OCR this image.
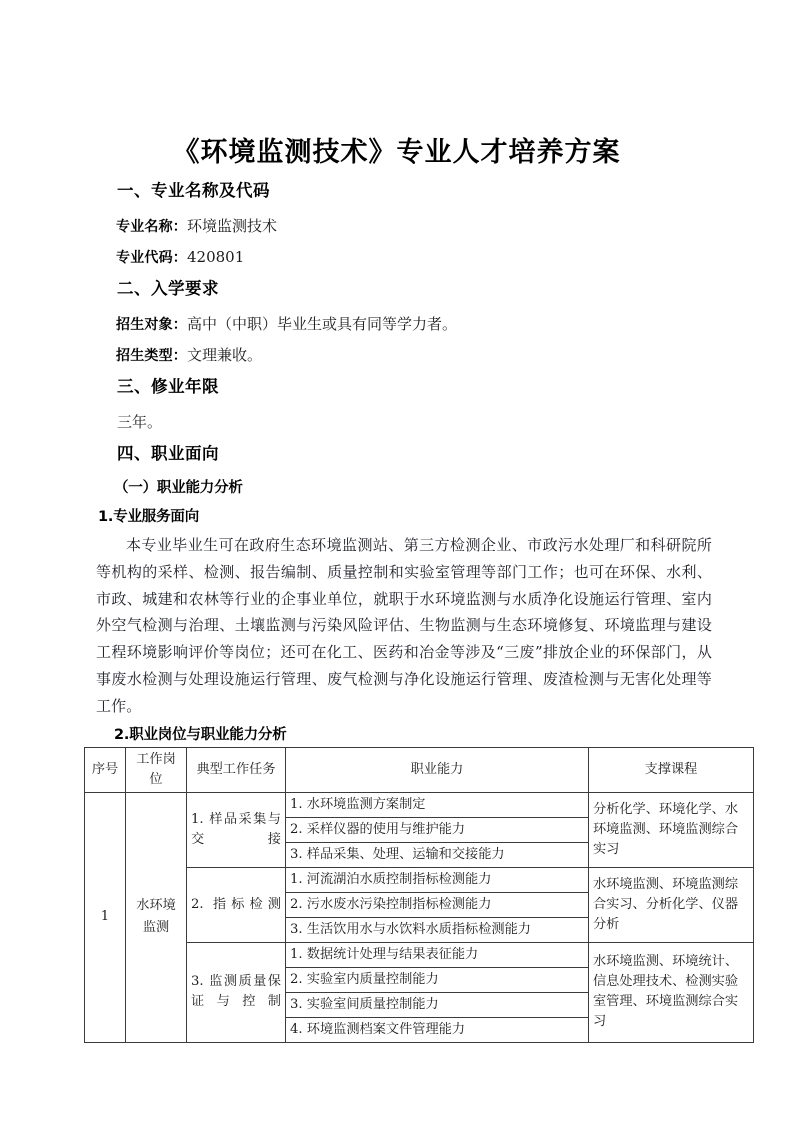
《环境监测技术》专业人才培养方案
一、专业名称及代码
专业名称：环境监测技术
专业代码：420801
二、入学要求
招生对象：高中（中职）毕业生或具有同等学力者。
招生类型：文理兼收。
三、修业年限
三年。
四、职业面向
（一）职业能力分析
1.专业服务面向

本专业毕业生可在政府生态环境监测站、第三方检测企业、市政污水处理厂和科研院所等机构的采样、检测、报告编制、质量控制和实验室管理等部门工作；也可在环保、水利、市政、城建和农林等行业的企事业单位，就职于水环境监测与水质净化设施运行管理、室内外空气检测与治理、土壤监测与污染风险评估、生物监测与生态环境修复、环境监理与建设工程环境影响评价等岗位；还可在化工、医药和冶金等涉及“三废”排放企业的环保部门，从事废水检测与处理设施运行管理、废气检测与净化设施运行管理、废渣检测与无害化处理等工作。

2.职业岗位与职业能力分析
序号	工作岗位	典型工作任务	职业能力	支撑课程
1	水环境监测	1. 样品采集与交接	1. 水环境监测方案制定	分析化学、环境化学、水环境监测、环境监测综合实习
			2. 采样仪器的使用与维护能力	
			3. 样品采集、处理、运输和交接能力	
		2. 指标检测	1. 河流湖泊水质控制指标检测能力	水环境监测、环境监测综合实习、分析化学、仪器分析
			2. 污水废水污染控制指标检测能力	
			3. 生活饮用水与水饮料水质指标检测能力	
		3. 监测质量保证与控制	1. 数据统计处理与结果表征能力	水环境监测、环境统计、信息处理技术、检测实验室管理、环境监测综合实习
			2. 实验室内质量控制能力	
			3. 实验室间质量控制能力	
			4. 环境监测档案文件管理能力	
